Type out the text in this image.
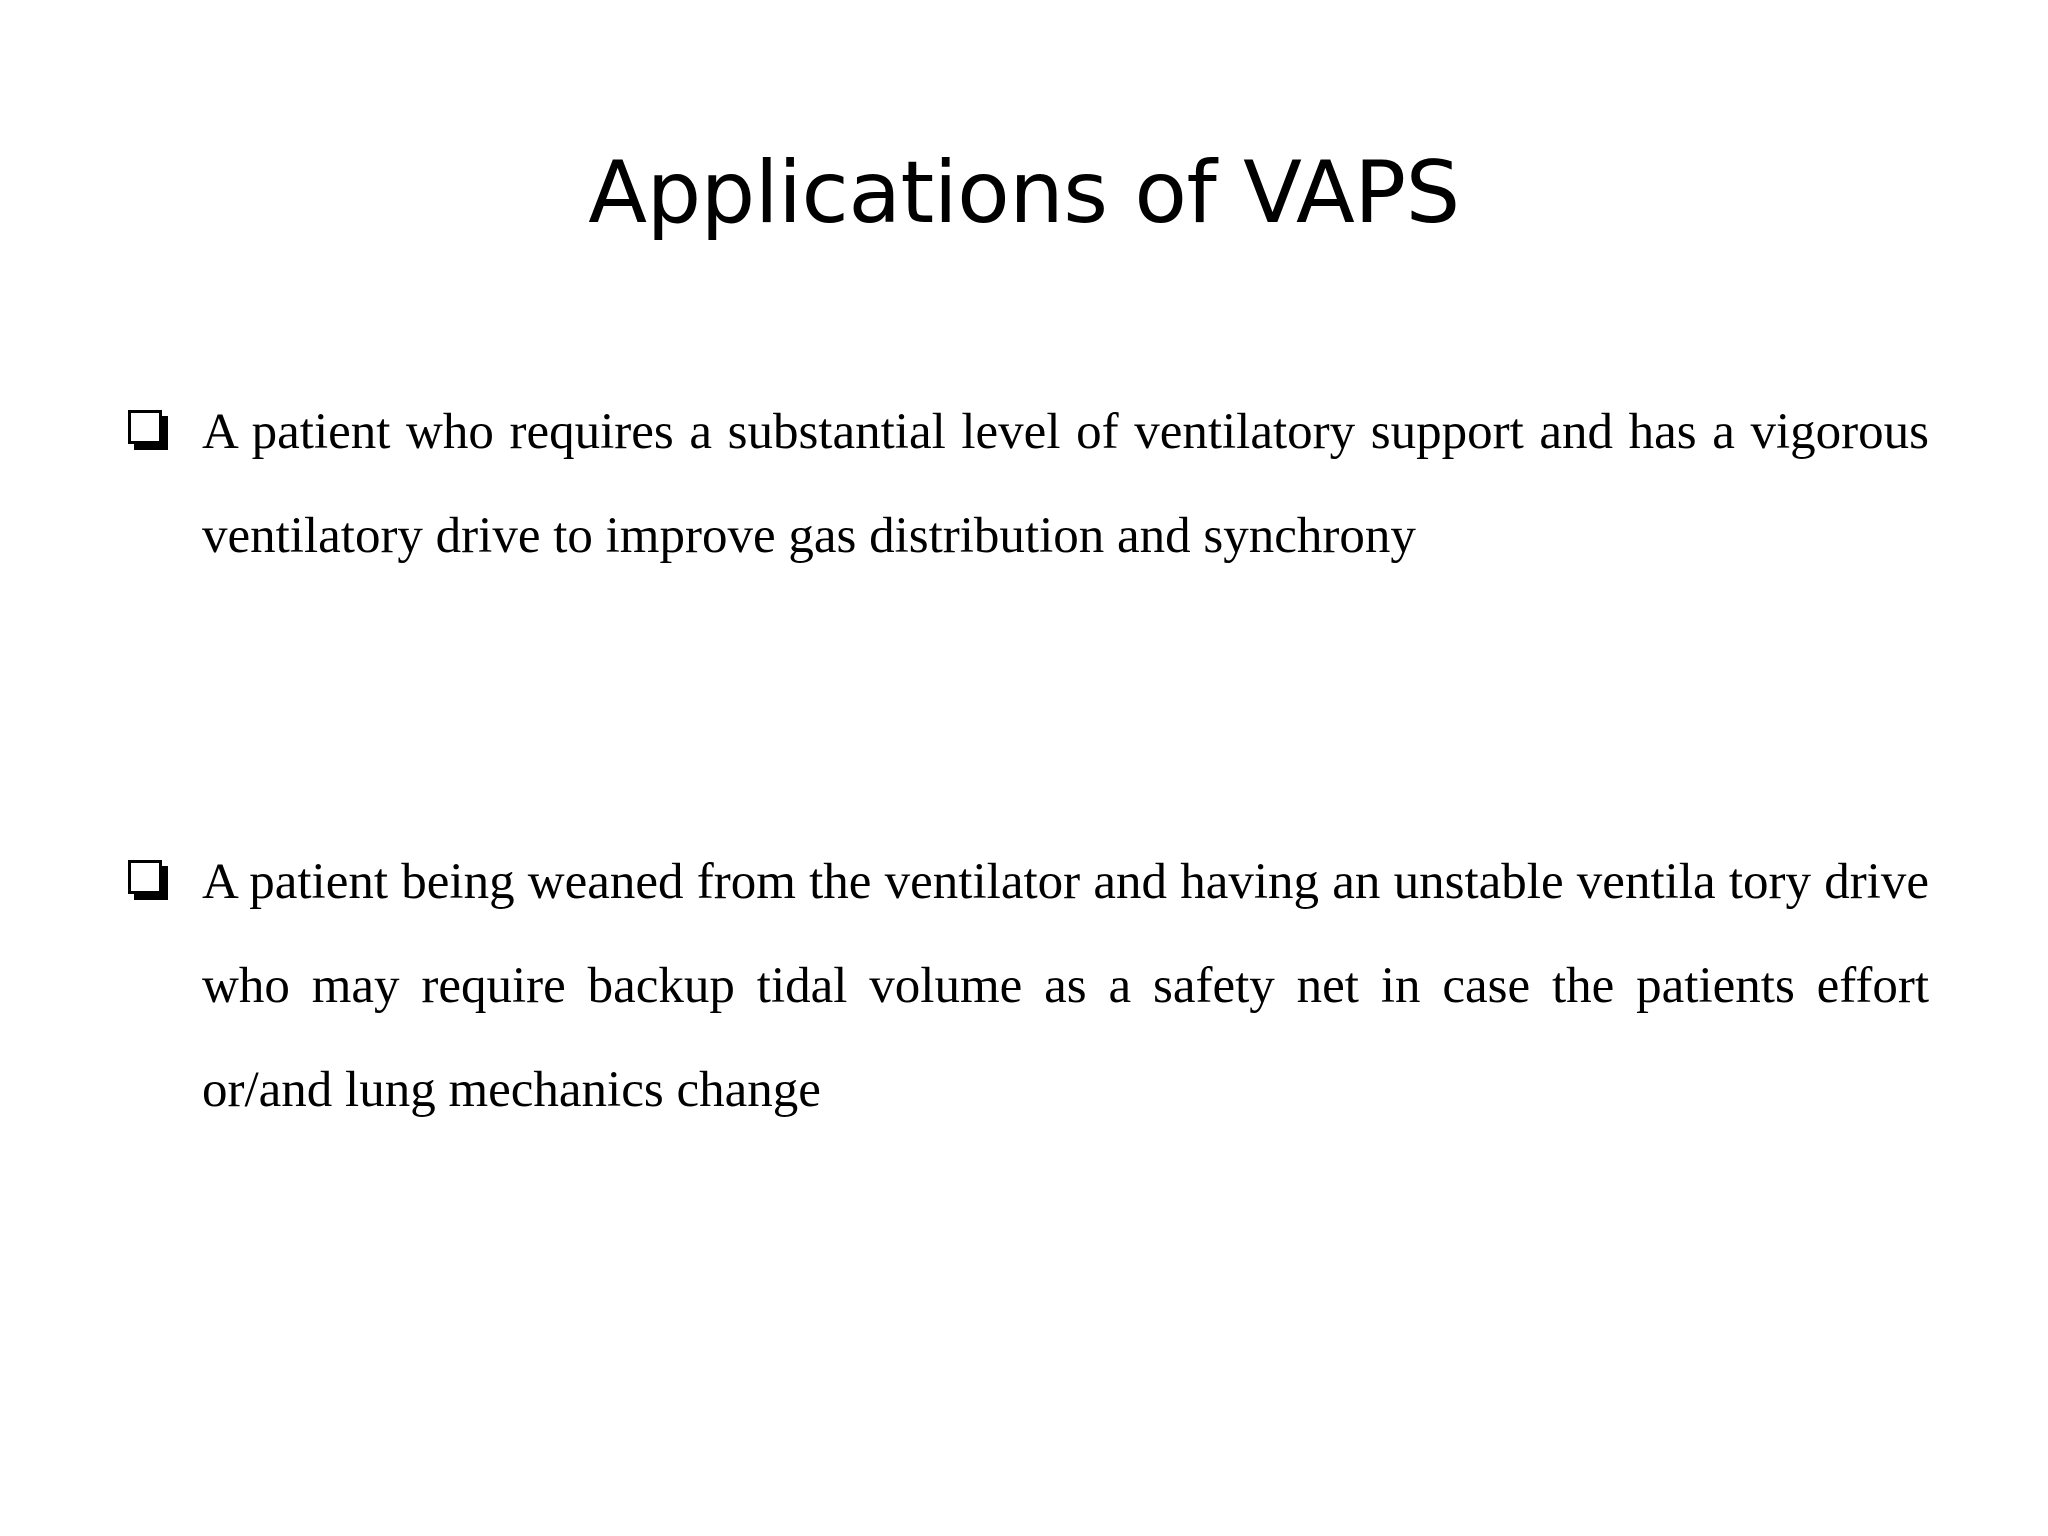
Applications of VAPS

A patient who requires a substantial level of ventilatory support and has a vigorous ventilatory drive to improve gas distribution and synchrony

A patient being weaned from the ventilator and having an unstable ventila tory drive who may require backup tidal volume as a safety net in case the patients effort or/and lung mechanics change
